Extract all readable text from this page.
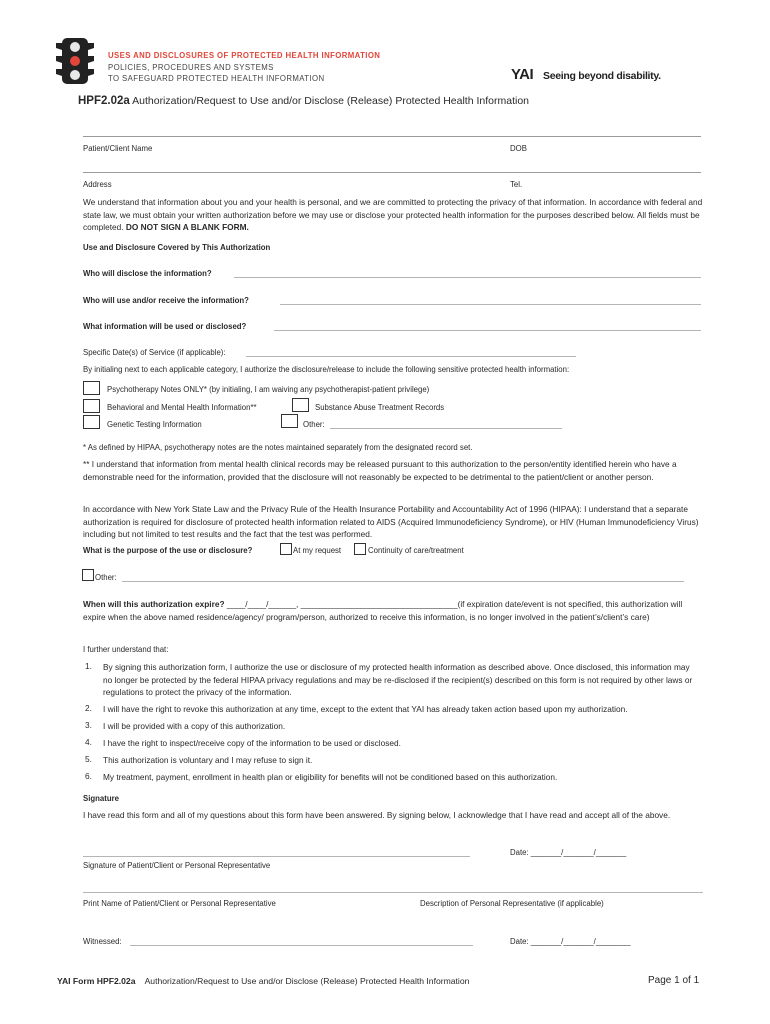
USES AND DISCLOSURES OF PROTECTED HEALTH INFORMATION
POLICIES, PROCEDURES AND SYSTEMS
TO SAFEGUARD PROTECTED HEALTH INFORMATION	YAI Seeing beyond disability.
HPF2.02a Authorization/Request to Use and/or Disclose (Release) Protected Health Information
Patient/Client Name	DOB
Address	Tel.
We understand that information about you and your health is personal, and we are committed to protecting the privacy of that information. In accordance with federal and state law, we must obtain your written authorization before we may use or disclose your protected health information for the purposes described below. All fields must be completed. DO NOT SIGN A BLANK FORM.
Use and Disclosure Covered by This Authorization
Who will disclose the information?
Who will use and/or receive the information?
What information will be used or disclosed?
Specific Date(s) of Service (if applicable):
By initialing next to each applicable category, I authorize the disclosure/release to include the following sensitive protected health information:
Psychotherapy Notes ONLY* (by initialing, I am waiving any psychotherapist-patient privilege)
Behavioral and Mental Health Information**	Substance Abuse Treatment Records
Genetic Testing Information	Other:
* As defined by HIPAA, psychotherapy notes are the notes maintained separately from the designated record set.
** I understand that information from mental health clinical records may be released pursuant to this authorization to the person/entity identified herein who have a demonstrable need for the information, provided that the disclosure will not reasonably be expected to be detrimental to the patient/client or another person.
In accordance with New York State Law and the Privacy Rule of the Health Insurance Portability and Accountability Act of 1996 (HIPAA): I understand that a separate authorization is required for disclosure of protected health information related to AIDS (Acquired Immunodeficiency Syndrome), or HIV (Human Immunodeficiency Virus) including but not limited to test results and the fact that the test was performed.
What is the purpose of the use or disclosure?	At my request	Continuity of care/treatment
Other:
When will this authorization expire? ____/____/______, __________________________________(if expiration date/event is not specified, this authorization will expire when the above named residence/agency/ program/person, authorized to receive this information, is no longer involved in the patient’s/client’s care)
I further understand that:
1. By signing this authorization form, I authorize the use or disclosure of my protected health information as described above. Once disclosed, this information may no longer be protected by the federal HIPAA privacy regulations and may be re-disclosed if the recipient(s) described on this form is not required by other laws or regulations to protect the privacy of the information.
2. I will have the right to revoke this authorization at any time, except to the extent that YAI has already taken action based upon my authorization.
3. I will be provided with a copy of this authorization.
4. I have the right to inspect/receive copy of the information to be used or disclosed.
5. This authorization is voluntary and I may refuse to sign it.
6. My treatment, payment, enrollment in health plan or eligibility for benefits will not be conditioned based on this authorization.
Signature
I have read this form and all of my questions about this form have been answered. By signing below, I acknowledge that I have read and accept all of the above.
Date: _______/_______/_______
Signature of Patient/Client or Personal Representative
Print Name of Patient/Client or Personal Representative	Description of Personal Representative (if applicable)
Witnessed:	Date: _______/_______/________
YAI Form HPF2.02a Authorization/Request to Use and/or Disclose (Release) Protected Health Information	Page 1 of 1
